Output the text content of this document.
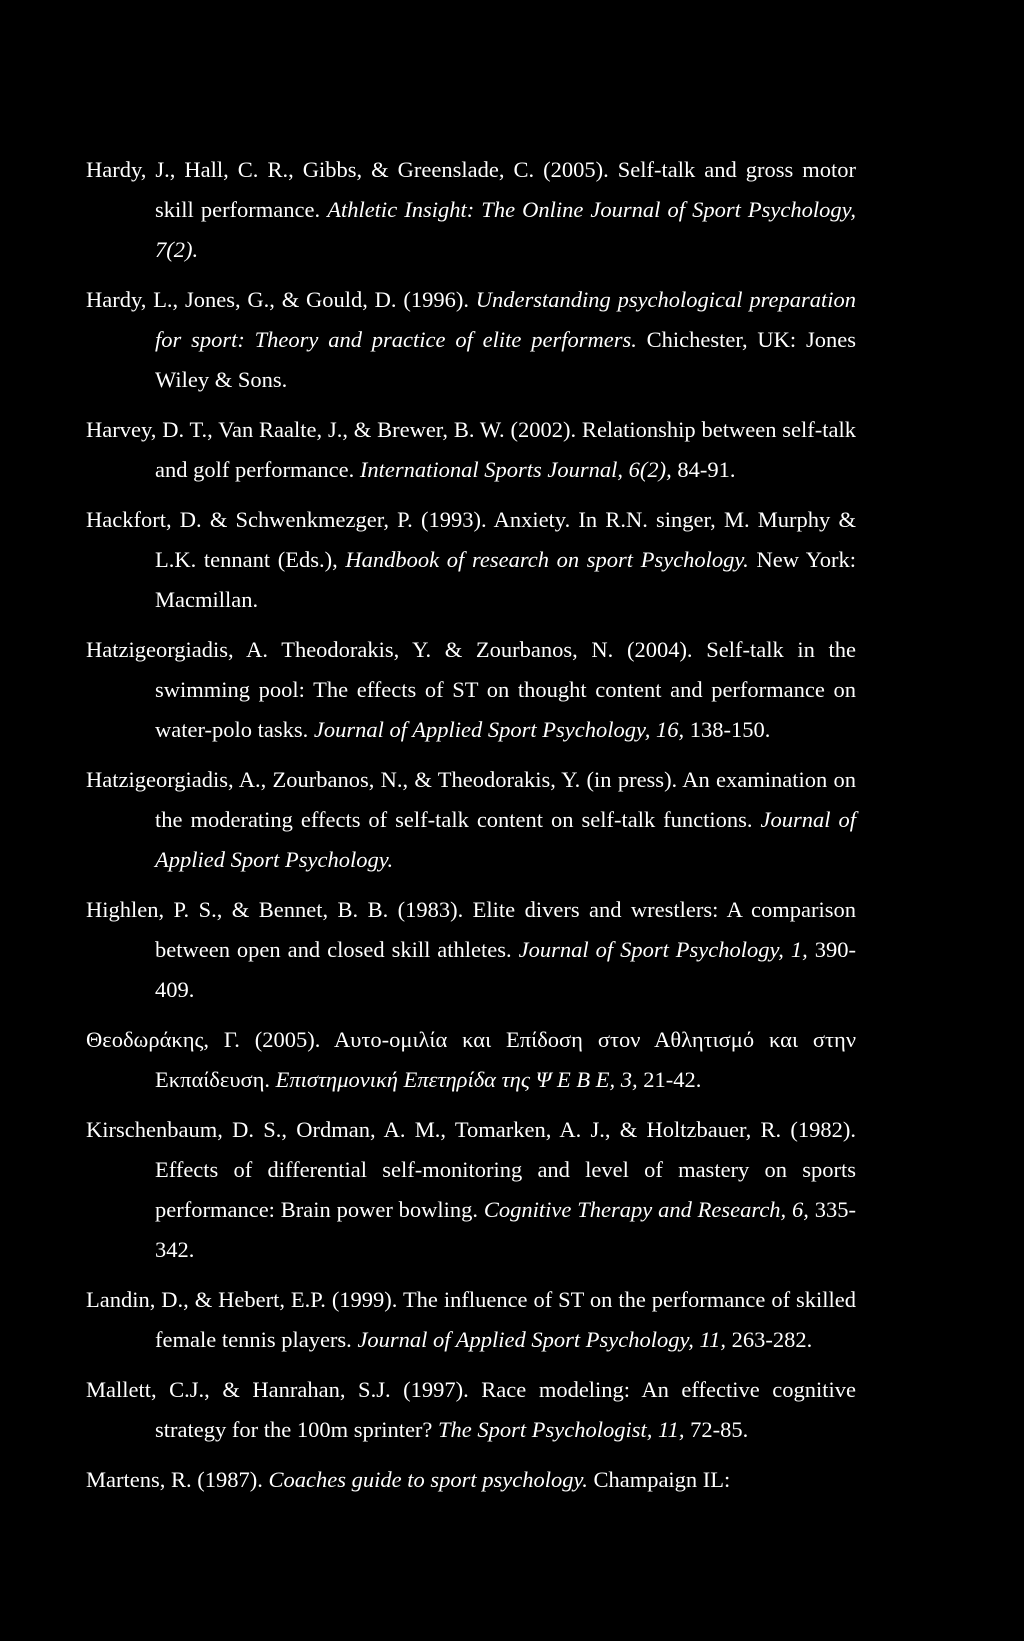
Hardy, J., Hall, C. R., Gibbs, & Greenslade, C. (2005). Self-talk and gross motor skill performance. Athletic Insight: The Online Journal of Sport Psychology, 7(2).

Hardy, L., Jones, G., & Gould, D. (1996). Understanding psychological preparation for sport: Theory and practice of elite performers. Chichester, UK: Jones Wiley & Sons.

Harvey, D. T., Van Raalte, J., & Brewer, B. W. (2002). Relationship between self-talk and golf performance. International Sports Journal, 6(2), 84-91.

Hackfort, D. & Schwenkmezger, P. (1993). Anxiety. In R.N. singer, M. Murphy & L.K. tennant (Eds.), Handbook of research on sport Psychology. New York: Macmillan.

Hatzigeorgiadis, A. Theodorakis, Y. & Zourbanos, N. (2004). Self-talk in the swimming pool: The effects of ST on thought content and performance on water-polo tasks. Journal of Applied Sport Psychology, 16, 138-150.

Hatzigeorgiadis, A., Zourbanos, N., & Theodorakis, Y. (in press). An examination on the moderating effects of self-talk content on self-talk functions. Journal of Applied Sport Psychology.

Highlen, P. S., & Bennet, B. B. (1983). Elite divers and wrestlers: A comparison between open and closed skill athletes. Journal of Sport Psychology, 1, 390-409.

Θεοδωράκης, Γ. (2005). Αυτο-ομιλία και Επίδοση στον Αθλητισμό και στην Εκπαίδευση. Επιστημονική Επετηρίδα της Ψ Ε Β Ε, 3, 21-42.

Kirschenbaum, D. S., Ordman, A. M., Tomarken, A. J., & Holtzbauer, R. (1982). Effects of differential self-monitoring and level of mastery on sports performance: Brain power bowling. Cognitive Therapy and Research, 6, 335-342.

Landin, D., & Hebert, E.P. (1999). The influence of ST on the performance of skilled female tennis players. Journal of Applied Sport Psychology, 11, 263-282.

Mallett, C.J., & Hanrahan, S.J. (1997). Race modeling: An effective cognitive strategy for the 100m sprinter? The Sport Psychologist, 11, 72-85.

Martens, R. (1987). Coaches guide to sport psychology. Champaign IL:
